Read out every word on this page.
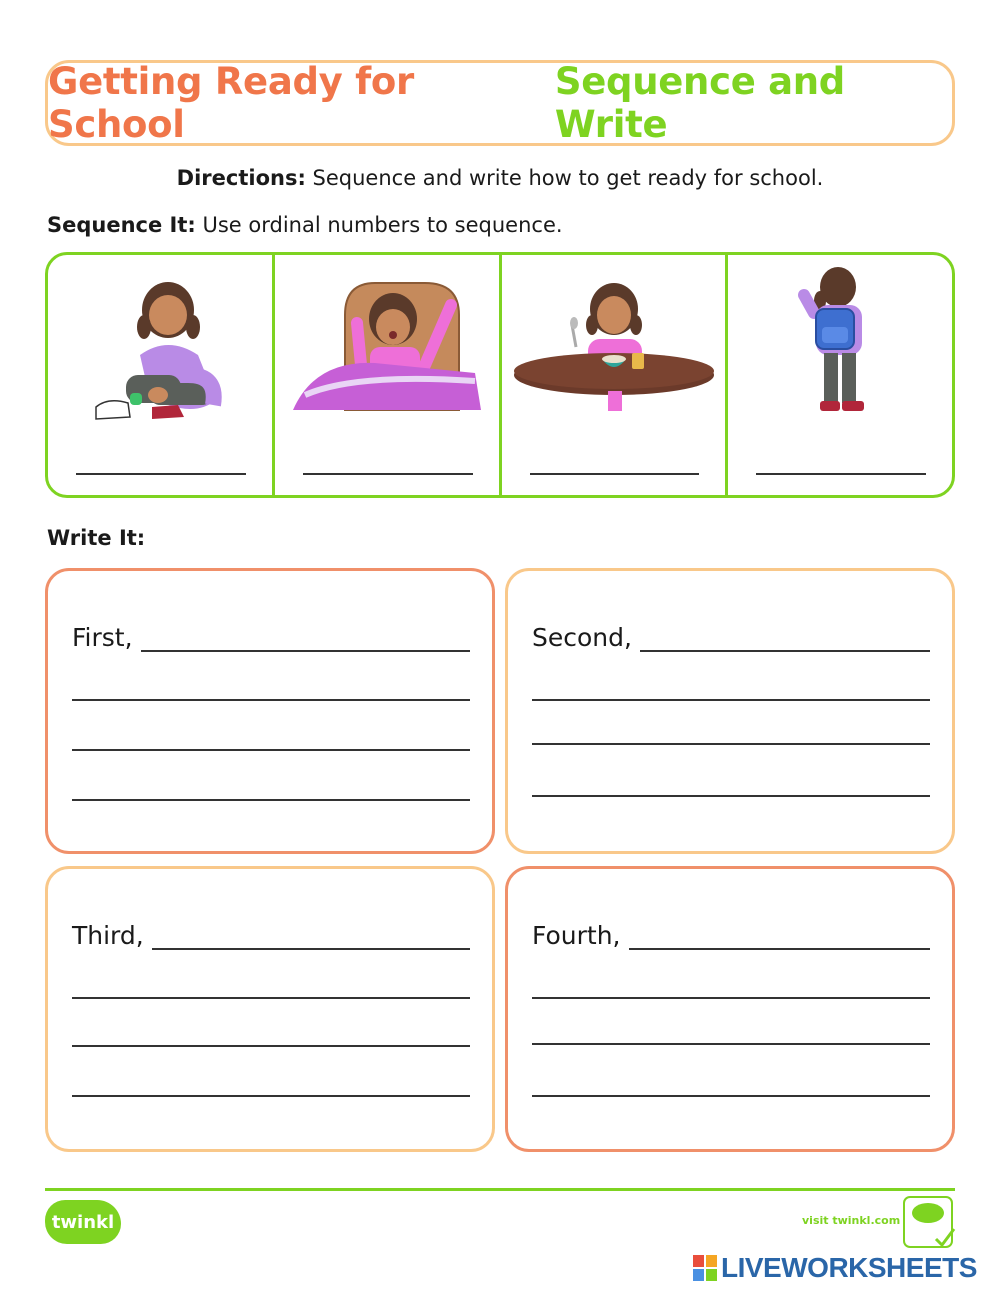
Getting Ready for School
Sequence and Write
Directions: Sequence and write how to get ready for school.
Sequence It: Use ordinal numbers to sequence.
Write It:
First,	Second,
Third,	Fourth,
twinkl	visit twinkl.com
LIVEWORKSHEETS
